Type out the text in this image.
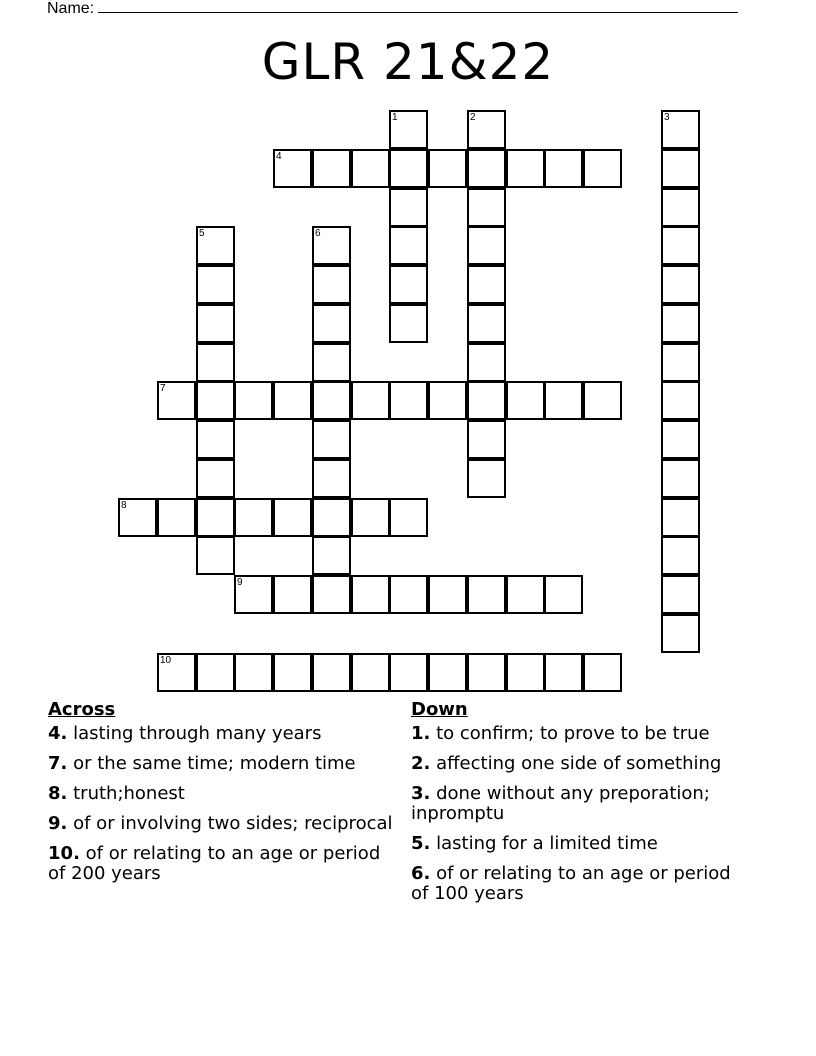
Name:
GLR 21&22
1	2	3
4
5	6
7
8
9
10
Across
4. lasting through many years
7. or the same time; modern time
8. truth;honest
9. of or involving two sides; reciprocal
10. of or relating to an age or period of 200 years
Down
1. to confirm; to prove to be true
2. affecting one side of something
3. done without any preporation; inpromptu
5. lasting for a limited time
6. of or relating to an age or period of 100 years
